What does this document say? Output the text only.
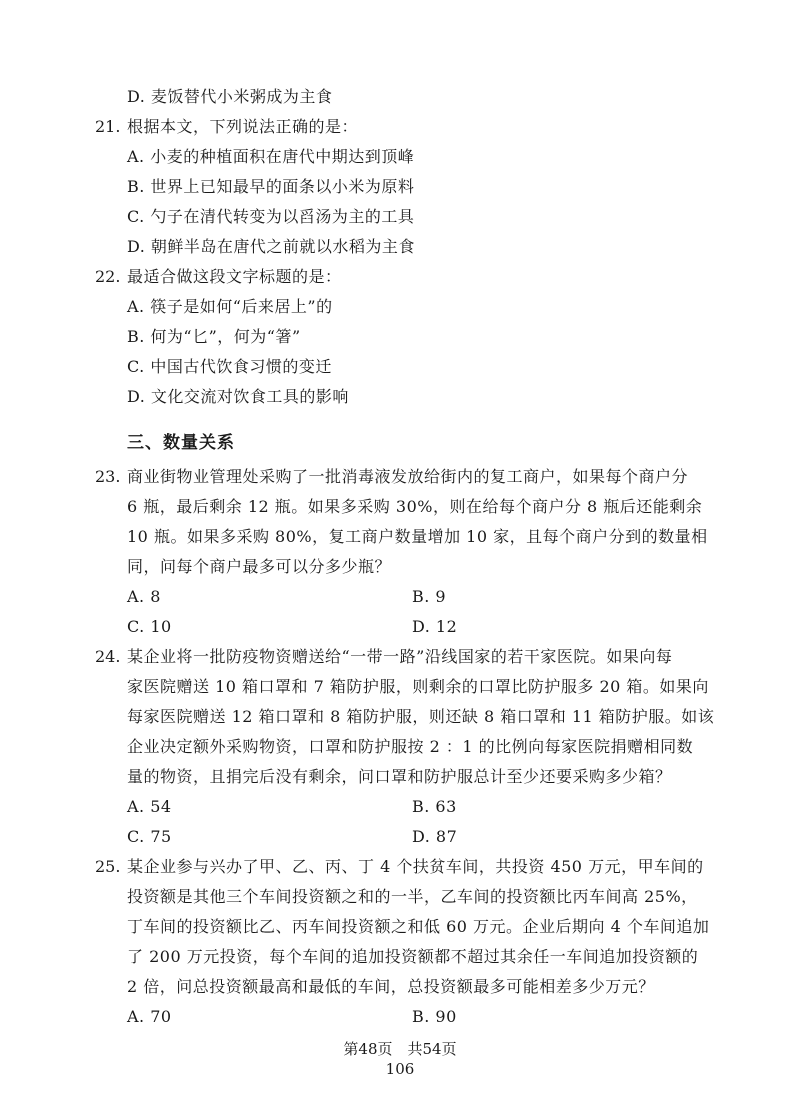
D. 麦饭替代小米粥成为主食
21. 根据本文，下列说法正确的是：
A. 小麦的种植面积在唐代中期达到顶峰
B. 世界上已知最早的面条以小米为原料
C. 勺子在清代转变为以舀汤为主的工具
D. 朝鲜半岛在唐代之前就以水稻为主食
22. 最适合做这段文字标题的是：
A. 筷子是如何“后来居上”的
B. 何为“匕”，何为“箸”
C. 中国古代饮食习惯的变迁
D. 文化交流对饮食工具的影响
三、数量关系
23. 商业街物业管理处采购了一批消毒液发放给街内的复工商户，如果每个商户分
6 瓶，最后剩余 12 瓶。如果多采购 30%，则在给每个商户分 8 瓶后还能剩余
10 瓶。如果多采购 80%，复工商户数量增加 10 家，且每个商户分到的数量相
同，问每个商户最多可以分多少瓶？
A. 8	B. 9
C. 10	D. 12
24. 某企业将一批防疫物资赠送给“一带一路”沿线国家的若干家医院。如果向每
家医院赠送 10 箱口罩和 7 箱防护服，则剩余的口罩比防护服多 20 箱。如果向
每家医院赠送 12 箱口罩和 8 箱防护服，则还缺 8 箱口罩和 11 箱防护服。如该
企业决定额外采购物资，口罩和防护服按 2 ：1 的比例向每家医院捐赠相同数
量的物资，且捐完后没有剩余，问口罩和防护服总计至少还要采购多少箱？
A. 54	B. 63
C. 75	D. 87
25. 某企业参与兴办了甲、乙、丙、丁 4 个扶贫车间，共投资 450 万元，甲车间的
投资额是其他三个车间投资额之和的一半，乙车间的投资额比丙车间高 25%，
丁车间的投资额比乙、丙车间投资额之和低 60 万元。企业后期向 4 个车间追加
了 200 万元投资，每个车间的追加投资额都不超过其余任一车间追加投资额的
2 倍，问总投资额最高和最低的车间，总投资额最多可能相差多少万元？
A. 70	B. 90
第48页　共54页
106
